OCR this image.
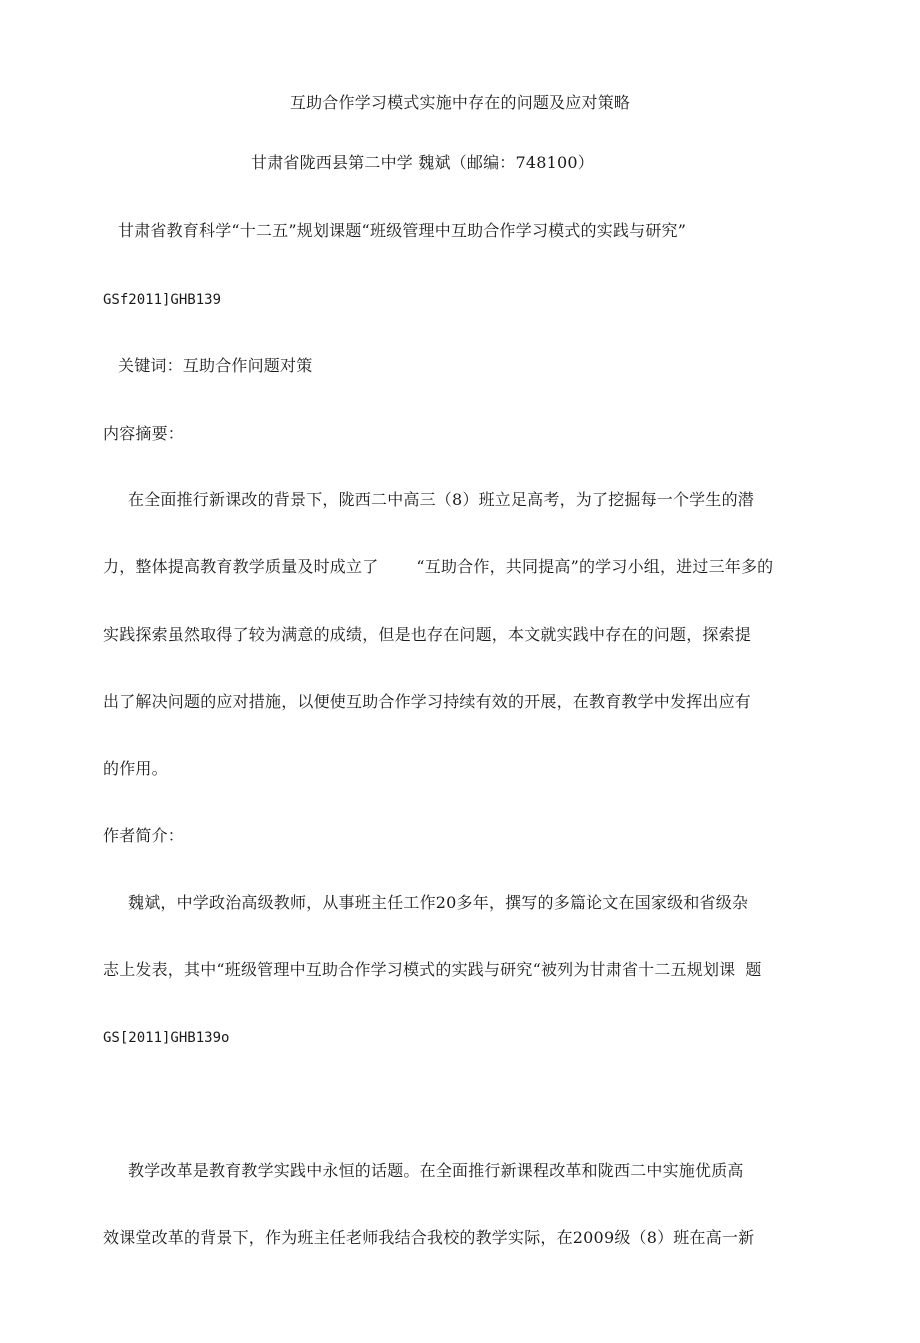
互助合作学习模式实施中存在的问题及应对策略
甘肃省陇西县第二中学 魏斌（邮编：748100）
甘肃省教育科学“十二五”规划课题“班级管理中互助合作学习模式的实践与研究”
GSf2011]GHB139
关键词：互助合作问题对策
内容摘要：
在全面推行新课改的背景下，陇西二中高三（8）班立足高考，为了挖掘每一个学生的潜
力，整体提高教育教学质量及时成立了 “互助合作，共同提高”的学习小组，进过三年多的
实践探索虽然取得了较为满意的成绩，但是也存在问题，本文就实践中存在的问题，探索提
出了解决问题的应对措施，以便使互助合作学习持续有效的开展，在教育教学中发挥出应有
的作用。
作者简介：
魏斌，中学政治高级教师，从事班主任工作20多年，撰写的多篇论文在国家级和省级杂
志上发表，其中“班级管理中互助合作学习模式的实践与研究“被列为甘肃省十二五规划课 题
GS[2011]GHB139o
教学改革是教育教学实践中永恒的话题。在全面推行新课程改革和陇西二中实施优质高
效课堂改革的背景下，作为班主任老师我结合我校的教学实际，在2009级（8）班在高一新
